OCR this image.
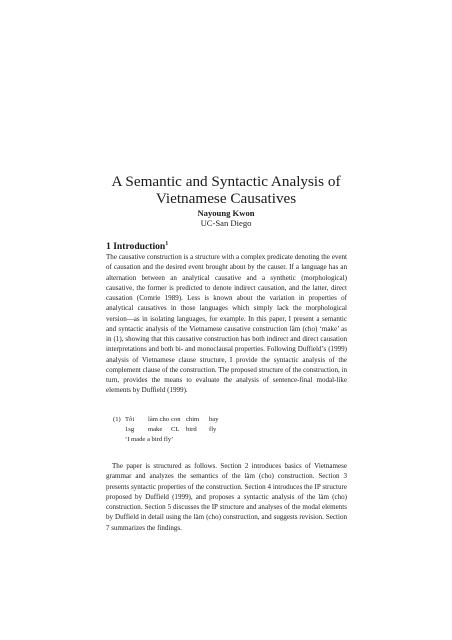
A Semantic and Syntactic Analysis of
Vietnamese Causatives
Nayoung Kwon
UC-San Diego
1 Introduction$^1$

The causative construction is a structure with a complex predicate denoting the event of causation and the desired event brought about by the causer. If a language has an alternation between an analytical causative and a synthetic (morphological) causative, the former is predicted to denote indirect causation, and the latter, direct causation (Comrie 1989). Less is known about the variation in properties of analytical causatives in those languages which simply lack the morphological version—as in isolating languages, for example. In this paper, I present a semantic and syntactic analysis of the Vietnamese causative construction làm (cho) ‘make’ as in (1), showing that this causative construction has both indirect and direct causation interpretations and both bi- and monoclausal properties. Following Duffield’s (1999) analysis of Vietnamese clause structure, I provide the syntactic analysis of the complement clause of the construction. The proposed structure of the construction, in turn, provides the means to evaluate the analysis of sentence-final modal-like elements by Duffield (1999).

(1) Tôi	làm cho con chim	bay
1sg	make	CL bird	fly
‘I made a bird fly’

The paper is structured as follows. Section 2 introduces basics of Vietnamese grammar and analyzes the semantics of the làm (cho) construction. Section 3 presents syntactic properties of the construction. Section 4 introduces the IP structure proposed by Duffield (1999), and proposes a syntactic analysis of the làm (cho) construction. Section 5 discusses the IP structure and analyses of the modal elements by Duffield in detail using the làm (cho) construction, and suggests revision. Section 7 summarizes the findings.
